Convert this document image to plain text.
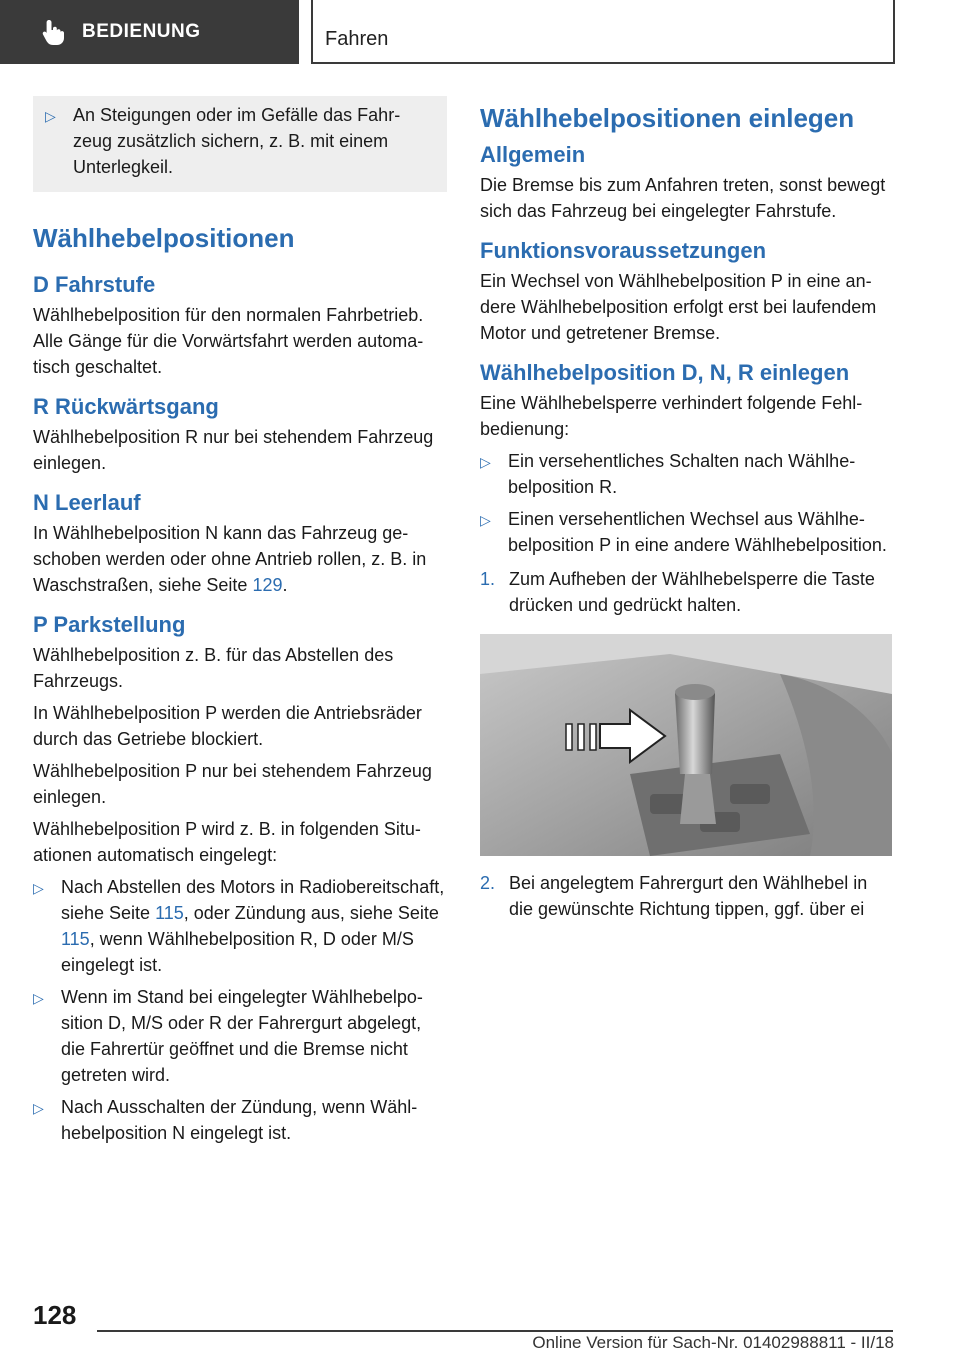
BEDIENUNG	Fahren
▷ An Steigungen oder im Gefälle das Fahrzeug zusätzlich sichern, z. B. mit einem Unterlegkeil.
Wählhebelpositionen
D Fahrstufe
Wählhebelposition für den normalen Fahrbetrieb. Alle Gänge für die Vorwärtsfahrt werden automatisch geschaltet.
R Rückwärtsgang
Wählhebelposition R nur bei stehendem Fahrzeug einlegen.
N Leerlauf
In Wählhebelposition N kann das Fahrzeug geschoben werden oder ohne Antrieb rollen, z. B. in Waschstraßen, siehe Seite 129.
P Parkstellung
Wählhebelposition z. B. für das Abstellen des Fahrzeugs.
In Wählhebelposition P werden die Antriebsräder durch das Getriebe blockiert.
Wählhebelposition P nur bei stehendem Fahrzeug einlegen.
Wählhebelposition P wird z. B. in folgenden Situationen automatisch eingelegt:
▷ Nach Abstellen des Motors in Radiobereitschaft, siehe Seite 115, oder Zündung aus, siehe Seite 115, wenn Wählhebelposition R, D oder M/S eingelegt ist.
▷ Wenn im Stand bei eingelegter Wählhebelposition D, M/S oder R der Fahrergurt abgelegt, die Fahrertür geöffnet und die Bremse nicht getreten wird.
▷ Nach Ausschalten der Zündung, wenn Wählhebelposition N eingelegt ist.
Wählhebelpositionen einlegen
Allgemein
Die Bremse bis zum Anfahren treten, sonst bewegt sich das Fahrzeug bei eingelegter Fahrstufe.
Funktionsvoraussetzungen
Ein Wechsel von Wählhebelposition P in eine andere Wählhebelposition erfolgt erst bei laufendem Motor und getretener Bremse.
Wählhebelposition D, N, R einlegen
Eine Wählhebelsperre verhindert folgende Fehlbedienung:
▷ Ein versehentliches Schalten nach Wählhebelposition R.
▷ Einen versehentlichen Wechsel aus Wählhebelposition P in eine andere Wählhebelposition.
1. Zum Aufheben der Wählhebelsperre die Taste drücken und gedrückt halten.
2. Bei angelegtem Fahrergurt den Wählhebel in die gewünschte Richtung tippen, ggf. über ei
128
Online Version für Sach-Nr. 01402988811 - II/18
